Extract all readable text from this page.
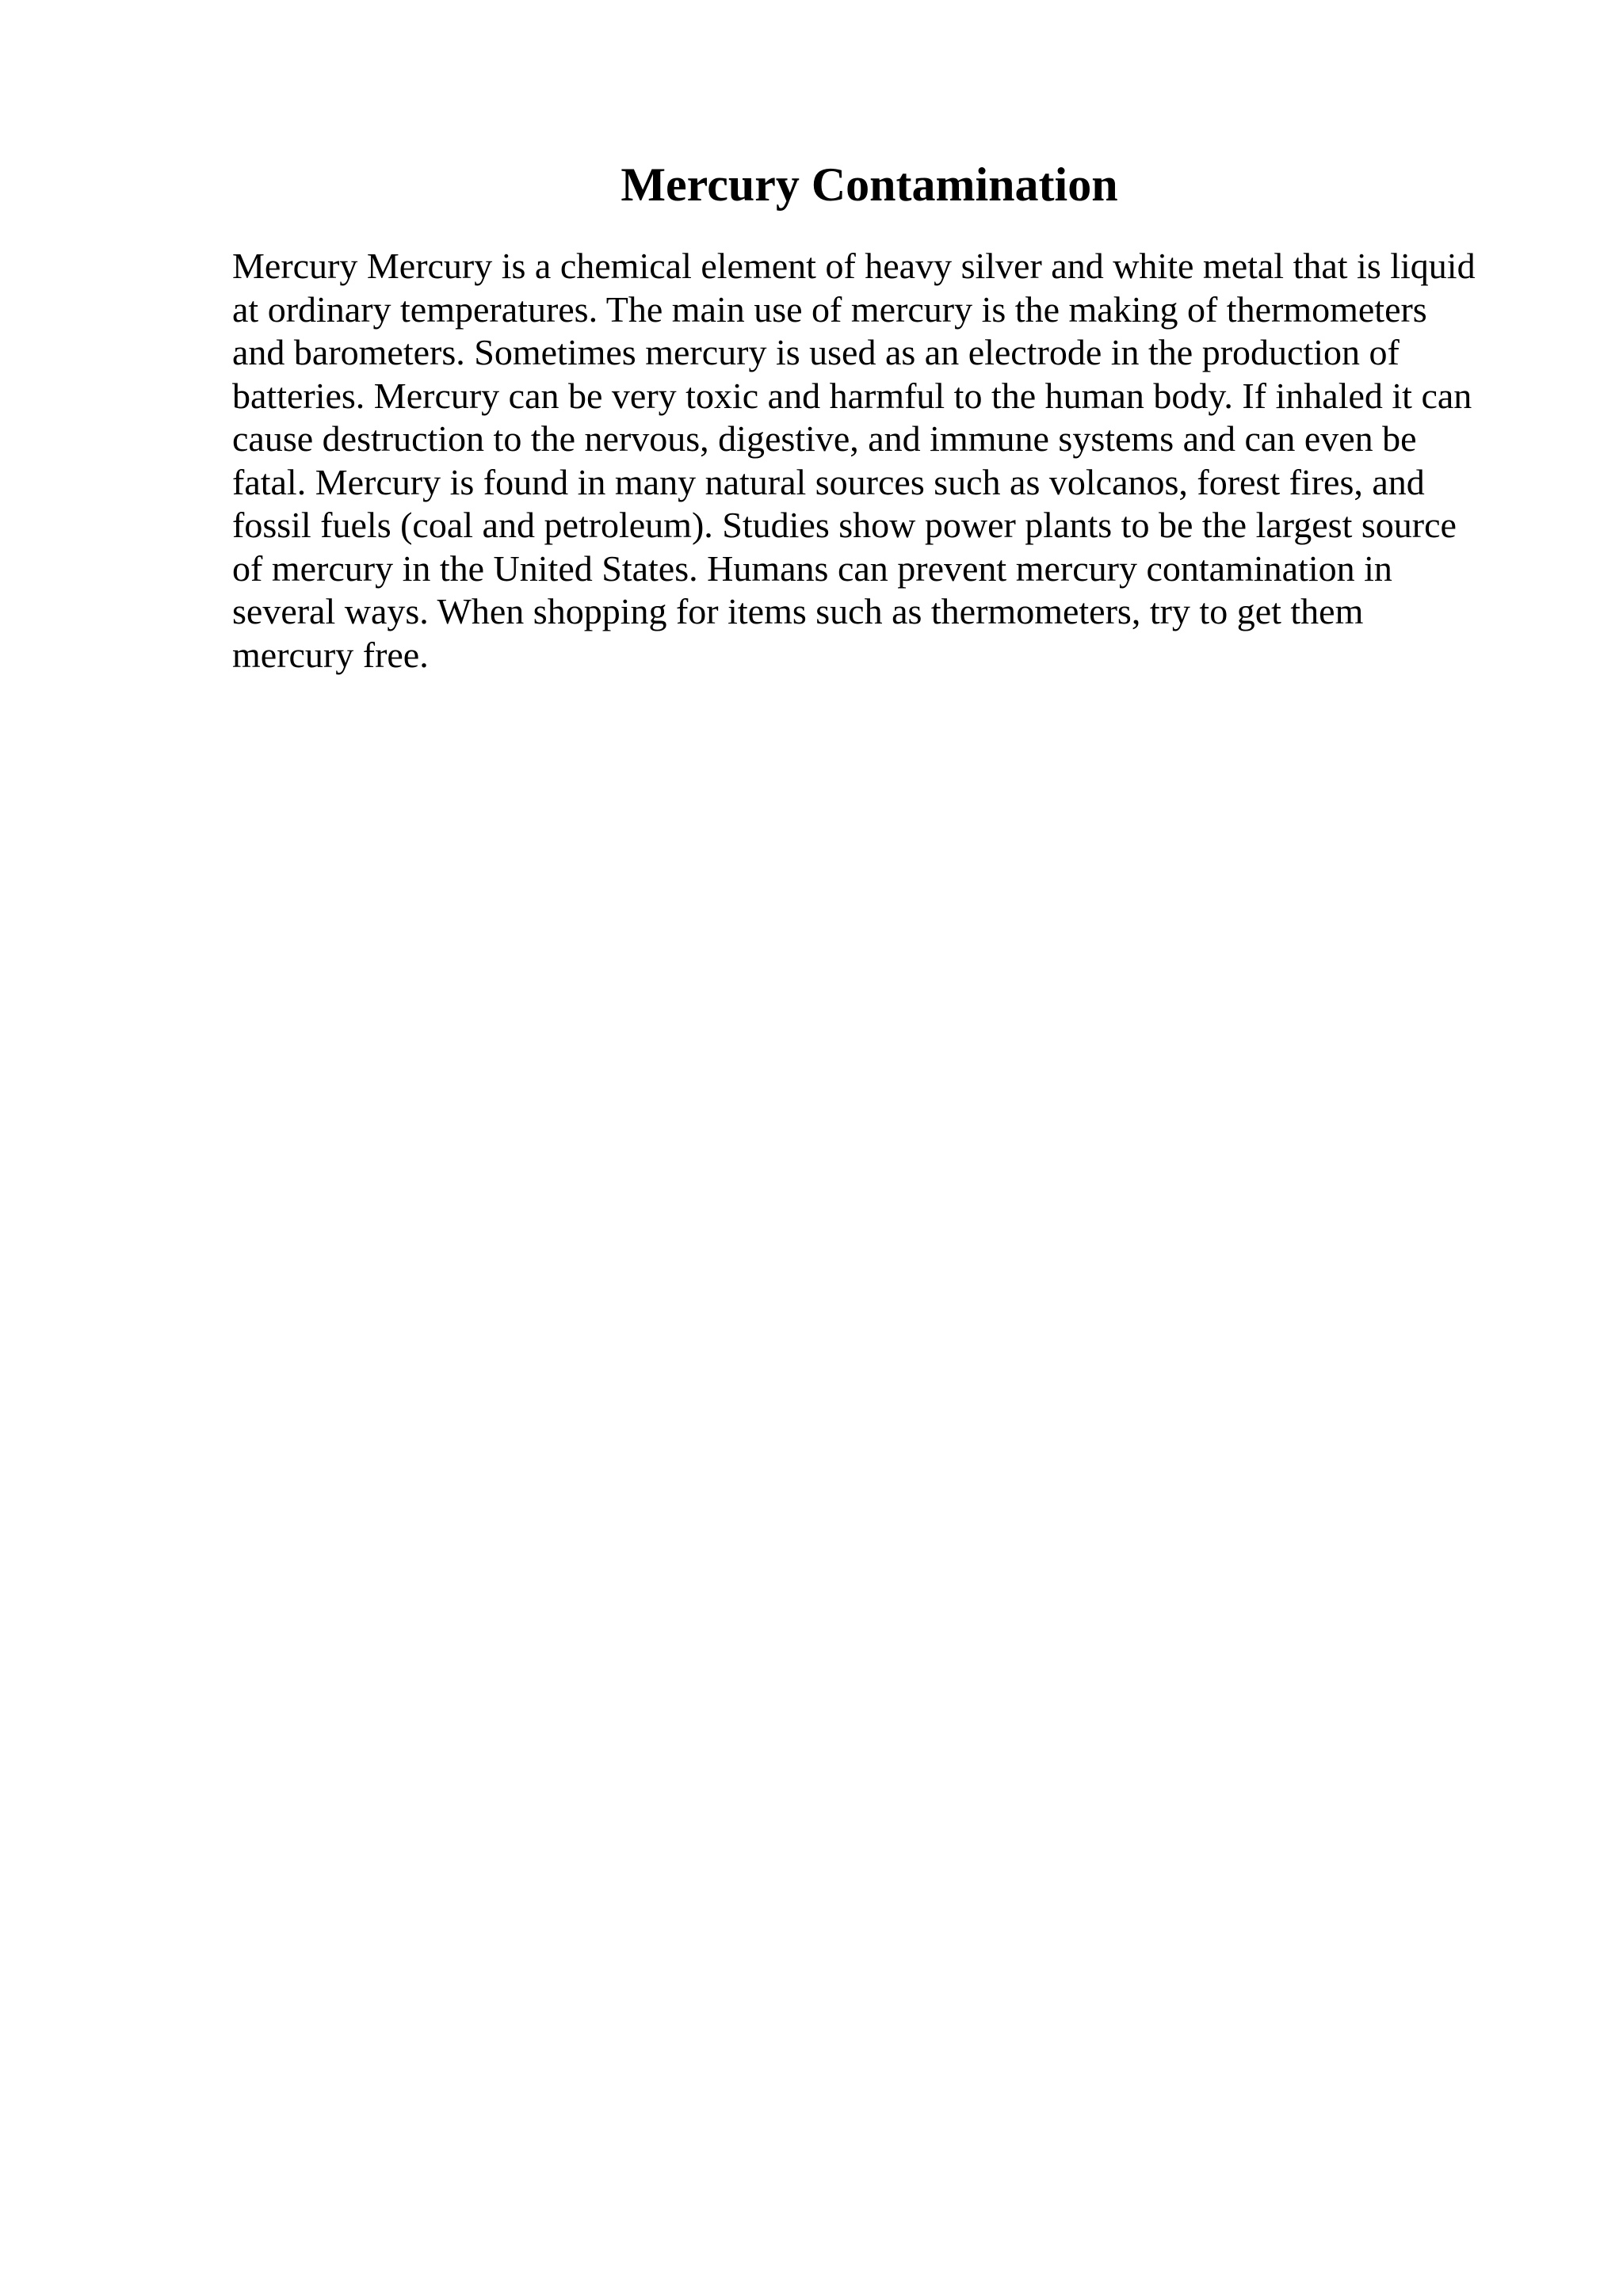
Mercury Contamination

Mercury Mercury is a chemical element of heavy silver and white metal that is liquid
at ordinary temperatures. The main use of mercury is the making of thermometers
and barometers. Sometimes mercury is used as an electrode in the production of
batteries. Mercury can be very toxic and harmful to the human body. If inhaled it can
cause destruction to the nervous, digestive, and immune systems and can even be
fatal. Mercury is found in many natural sources such as volcanos, forest fires, and
fossil fuels (coal and petroleum). Studies show power plants to be the largest source
of mercury in the United States. Humans can prevent mercury contamination in
several ways. When shopping for items such as thermometers, try to get them
mercury free.
